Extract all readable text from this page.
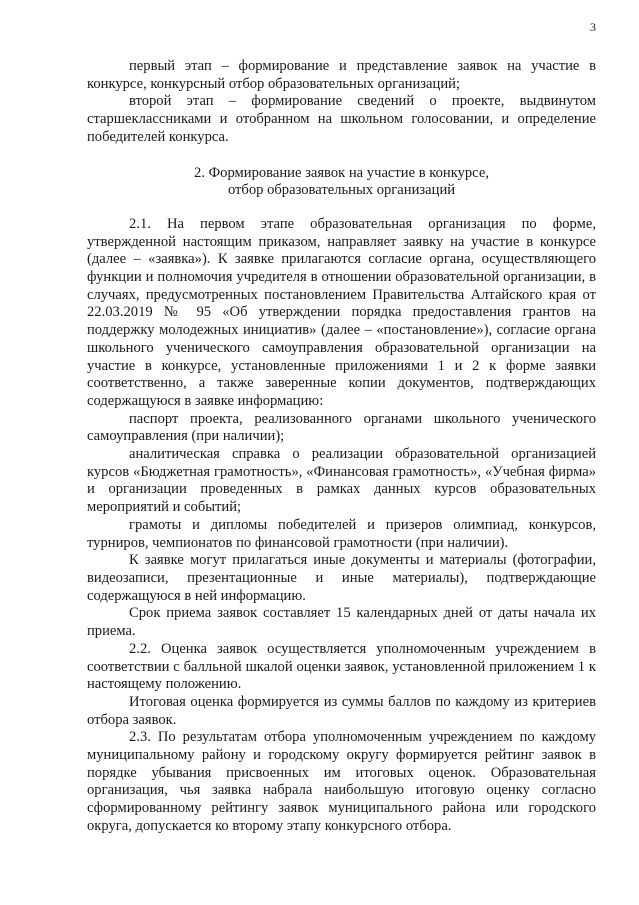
3

первый этап – формирование и представление заявок на участие в конкурсе, конкурсный отбор образовательных организаций;

второй этап – формирование сведений о проекте, выдвинутом старшеклассниками и отобранном на школьном голосовании, и определение победителей конкурса.

2. Формирование заявок на участие в конкурсе,
отбор образовательных организаций

2.1. На первом этапе образовательная организация по форме, утвержденной настоящим приказом, направляет заявку на участие в конкурсе (далее – «заявка»). К заявке прилагаются согласие органа, осуществляющего функции и полномочия учредителя в отношении образовательной организации, в случаях, предусмотренных постановлением Правительства Алтайского края от 22.03.2019 № 95 «Об утверждении порядка предоставления грантов на поддержку молодежных инициатив» (далее – «постановление»), согласие органа школьного ученического самоуправления образовательной организации на участие в конкурсе, установленные приложениями 1 и 2 к форме заявки соответственно, а также заверенные копии документов, подтверждающих содержащуюся в заявке информацию:

паспорт проекта, реализованного органами школьного ученического самоуправления (при наличии);

аналитическая справка о реализации образовательной организацией курсов «Бюджетная грамотность», «Финансовая грамотность», «Учебная фирма» и организации проведенных в рамках данных курсов образовательных мероприятий и событий;

грамоты и дипломы победителей и призеров олимпиад, конкурсов, турниров, чемпионатов по финансовой грамотности (при наличии).

К заявке могут прилагаться иные документы и материалы (фотографии, видеозаписи, презентационные и иные материалы), подтверждающие содержащуюся в ней информацию.

Срок приема заявок составляет 15 календарных дней от даты начала их приема.

2.2. Оценка заявок осуществляется уполномоченным учреждением в соответствии с балльной шкалой оценки заявок, установленной приложением 1 к настоящему положению.

Итоговая оценка формируется из суммы баллов по каждому из критериев отбора заявок.

2.3. По результатам отбора уполномоченным учреждением по каждому муниципальному району и городскому округу формируется рейтинг заявок в порядке убывания присвоенных им итоговых оценок. Образовательная организация, чья заявка набрала наибольшую итоговую оценку согласно сформированному рейтингу заявок муниципального района или городского округа, допускается ко второму этапу конкурсного отбора.
